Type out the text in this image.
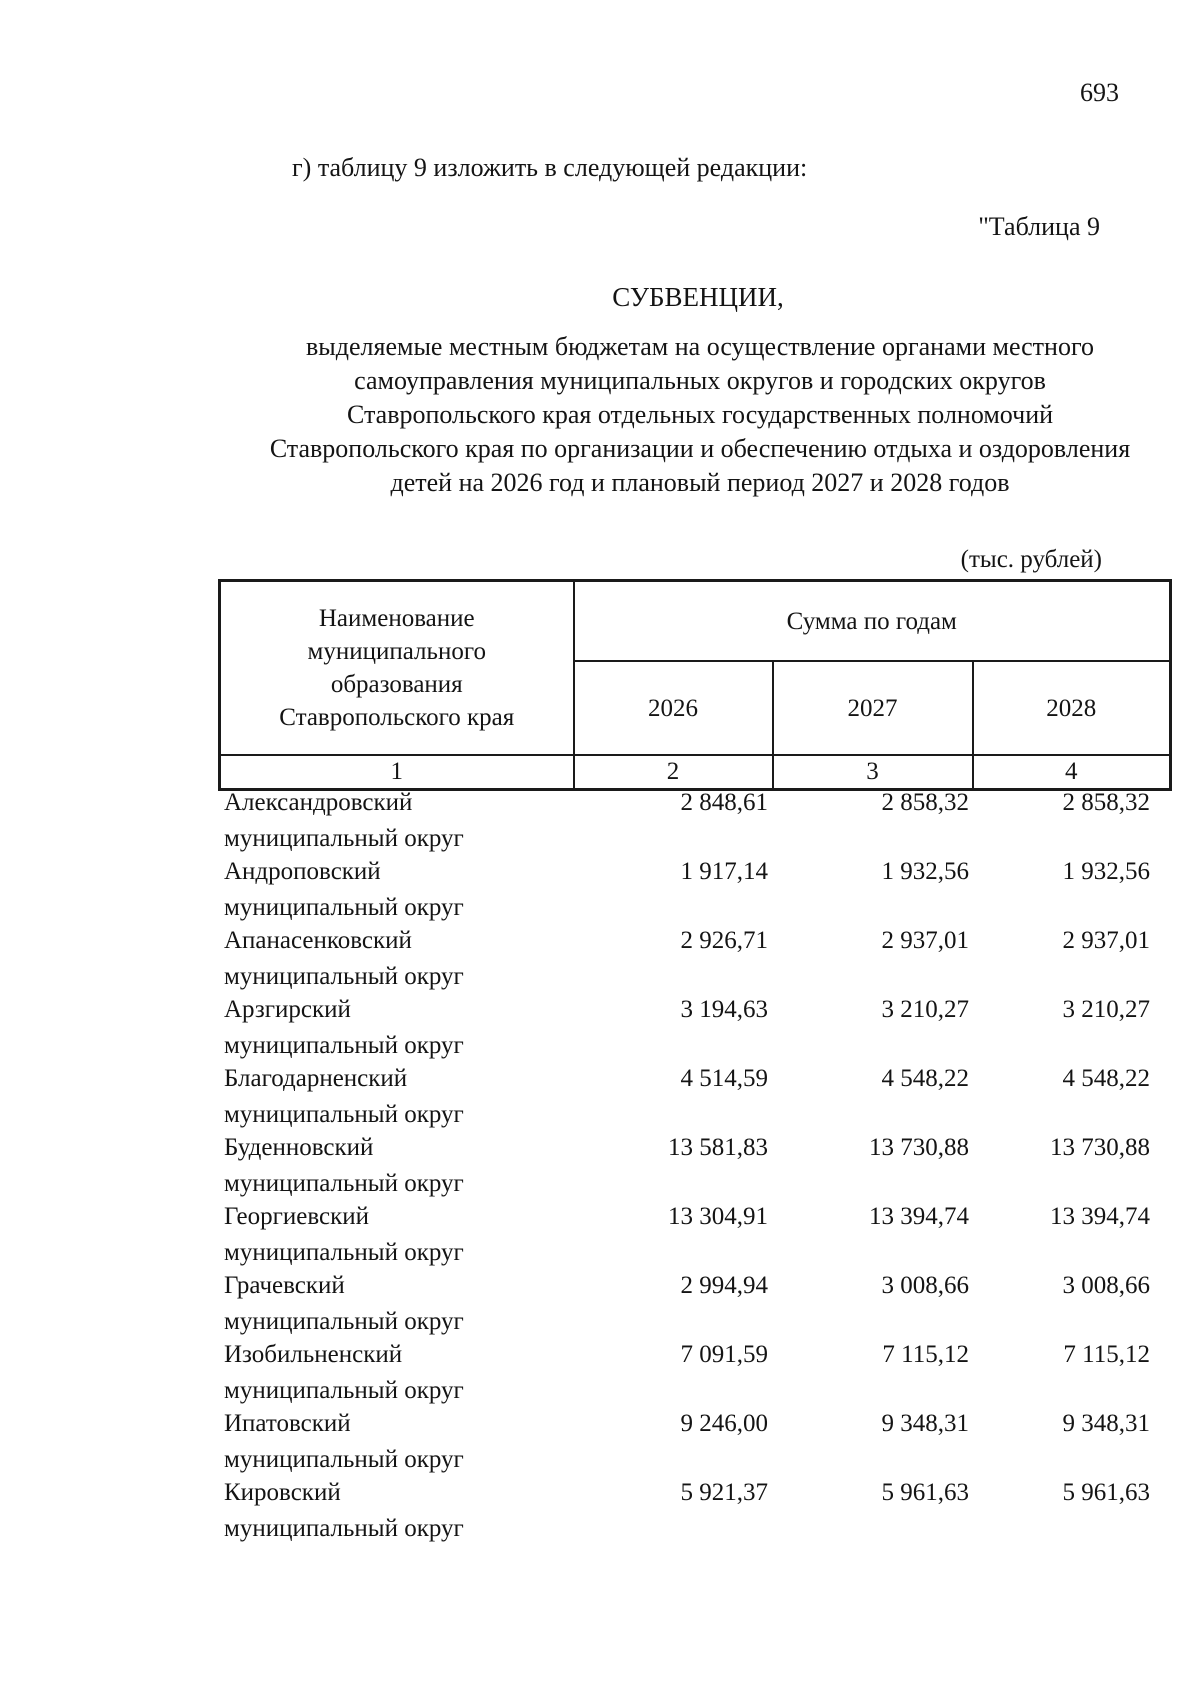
693
г) таблицу 9 изложить в следующей редакции:
"Таблица 9
СУБВЕНЦИИ,
выделяемые местным бюджетам на осуществление органами местного
самоуправления муниципальных округов и городских округов
Ставропольского края отдельных государственных полномочий
Ставропольского края по организации и обеспечению отдыха и оздоровления
детей на 2026 год и плановый период 2027 и 2028 годов
(тыс. рублей)
Наименование
муниципального
образования
Ставропольского края	Сумма по годам		
	2026	2027	2028
1	2	3	4
Александровский
муниципальный округ
2 848,61	2 858,32	2 858,32
Андроповский
муниципальный округ
1 917,14	1 932,56	1 932,56
Апанасенковский
муниципальный округ
2 926,71	2 937,01	2 937,01
Арзгирский
муниципальный округ
3 194,63	3 210,27	3 210,27
Благодарненский
муниципальный округ
4 514,59	4 548,22	4 548,22
Буденновский
муниципальный округ
13 581,83	13 730,88	13 730,88
Георгиевский
муниципальный округ
13 304,91	13 394,74	13 394,74
Грачевский
муниципальный округ
2 994,94	3 008,66	3 008,66
Изобильненский
муниципальный округ
7 091,59	7 115,12	7 115,12
Ипатовский
муниципальный округ
9 246,00	9 348,31	9 348,31
Кировский
муниципальный округ
5 921,37	5 961,63	5 961,63
